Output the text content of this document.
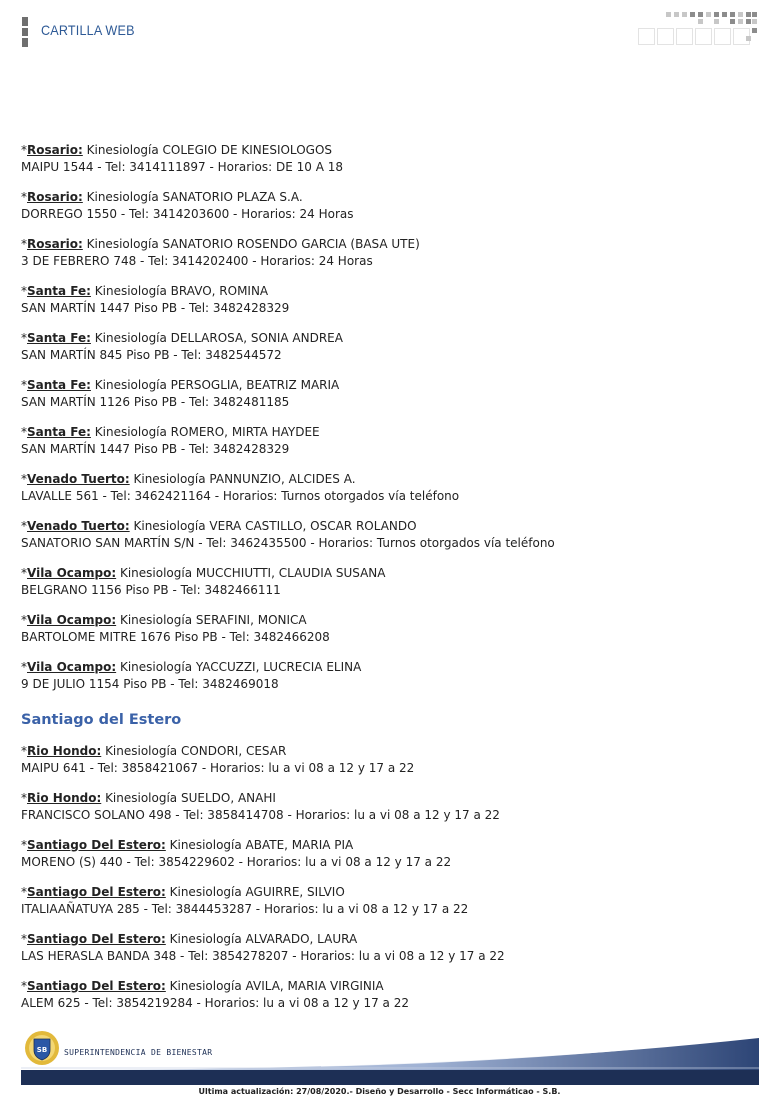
CARTILLA WEB
*Rosario: Kinesiología COLEGIO DE KINESIOLOGOS
MAIPU 1544 - Tel: 3414111897 - Horarios: DE 10 A 18
*Rosario: Kinesiología SANATORIO PLAZA S.A.
DORREGO 1550 - Tel: 3414203600 - Horarios: 24 Horas
*Rosario: Kinesiología SANATORIO ROSENDO GARCIA (BASA UTE)
3 DE FEBRERO 748 - Tel: 3414202400 - Horarios: 24 Horas
*Santa Fe: Kinesiología BRAVO, ROMINA
SAN MARTÍN 1447 Piso PB - Tel: 3482428329
*Santa Fe: Kinesiología DELLAROSA, SONIA ANDREA
SAN MARTÍN 845 Piso PB - Tel: 3482544572
*Santa Fe: Kinesiología PERSOGLIA, BEATRIZ MARIA
SAN MARTÍN 1126 Piso PB - Tel: 3482481185
*Santa Fe: Kinesiología ROMERO, MIRTA HAYDEE
SAN MARTÍN 1447 Piso PB - Tel: 3482428329
*Venado Tuerto: Kinesiología PANNUNZIO, ALCIDES A.
LAVALLE 561 - Tel: 3462421164 - Horarios: Turnos otorgados vía teléfono
*Venado Tuerto: Kinesiología VERA CASTILLO, OSCAR ROLANDO
SANATORIO SAN MARTÍN S/N - Tel: 3462435500 - Horarios: Turnos otorgados vía teléfono
*Vila Ocampo: Kinesiología MUCCHIUTTI, CLAUDIA SUSANA
BELGRANO 1156 Piso PB - Tel: 3482466111
*Vila Ocampo: Kinesiología SERAFINI, MONICA
BARTOLOME MITRE 1676 Piso PB - Tel: 3482466208
*Vila Ocampo: Kinesiología YACCUZZI, LUCRECIA ELINA
9 DE JULIO 1154 Piso PB - Tel: 3482469018
Santiago del Estero
*Rio Hondo: Kinesiología CONDORI, CESAR
MAIPU 641 - Tel: 3858421067 - Horarios: lu a vi 08 a 12 y 17 a 22
*Rio Hondo: Kinesiología SUELDO, ANAHI
FRANCISCO SOLANO 498 - Tel: 3858414708 - Horarios: lu a vi 08 a 12 y 17 a 22
*Santiago Del Estero: Kinesiología ABATE, MARIA PIA
MORENO (S) 440 - Tel: 3854229602 - Horarios: lu a vi 08 a 12 y 17 a 22
*Santiago Del Estero: Kinesiología AGUIRRE, SILVIO
ITALIAAÑATUYA 285 - Tel: 3844453287 - Horarios: lu a vi 08 a 12 y 17 a 22
*Santiago Del Estero: Kinesiología ALVARADO, LAURA
LAS HERASLA BANDA 348 - Tel: 3854278207 - Horarios: lu a vi 08 a 12 y 17 a 22
*Santiago Del Estero: Kinesiología AVILA, MARIA VIRGINIA
ALEM 625 - Tel: 3854219284 - Horarios: lu a vi 08 a 12 y 17 a 22
SB SUPERINTENDENCIA DE BIENESTAR
Ultima actualización: 27/08/2020.- Diseño y Desarrollo - Secc Informáticao - S.B.
